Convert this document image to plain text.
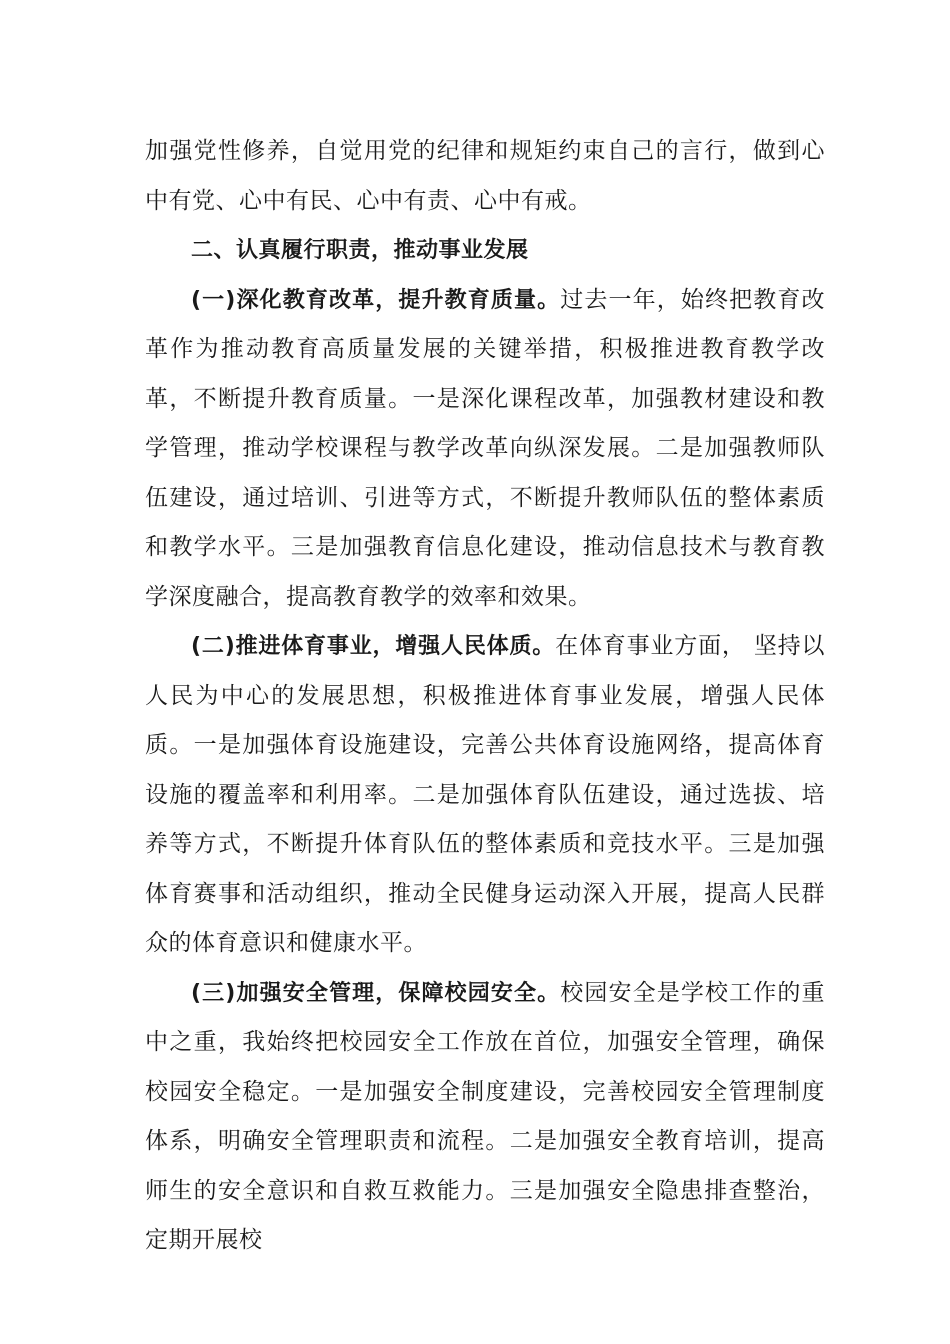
加强党性修养，自觉用党的纪律和规矩约束自己的言行，做到心中有党、心中有民、心中有责、心中有戒。

二、认真履行职责，推动事业发展

(一)深化教育改革，提升教育质量。过去一年，始终把教育改革作为推动教育高质量发展的关键举措，积极推进教育教学改革，不断提升教育质量。一是深化课程改革，加强教材建设和教学管理，推动学校课程与教学改革向纵深发展。二是加强教师队伍建设，通过培训、引进等方式，不断提升教师队伍的整体素质和教学水平。三是加强教育信息化建设，推动信息技术与教育教学深度融合，提高教育教学的效率和效果。

(二)推进体育事业，增强人民体质。在体育事业方面， 坚持以人民为中心的发展思想，积极推进体育事业发展，增强人民体质。一是加强体育设施建设，完善公共体育设施网络，提高体育设施的覆盖率和利用率。二是加强体育队伍建设，通过选拔、培养等方式，不断提升体育队伍的整体素质和竞技水平。三是加强体育赛事和活动组织，推动全民健身运动深入开展，提高人民群众的体育意识和健康水平。

(三)加强安全管理，保障校园安全。校园安全是学校工作的重中之重，我始终把校园安全工作放在首位，加强安全管理，确保校园安全稳定。一是加强安全制度建设，完善校园安全管理制度体系，明确安全管理职责和流程。二是加强安全教育培训，提高师生的安全意识和自救互救能力。三是加强安全隐患排查整治，定期开展校
